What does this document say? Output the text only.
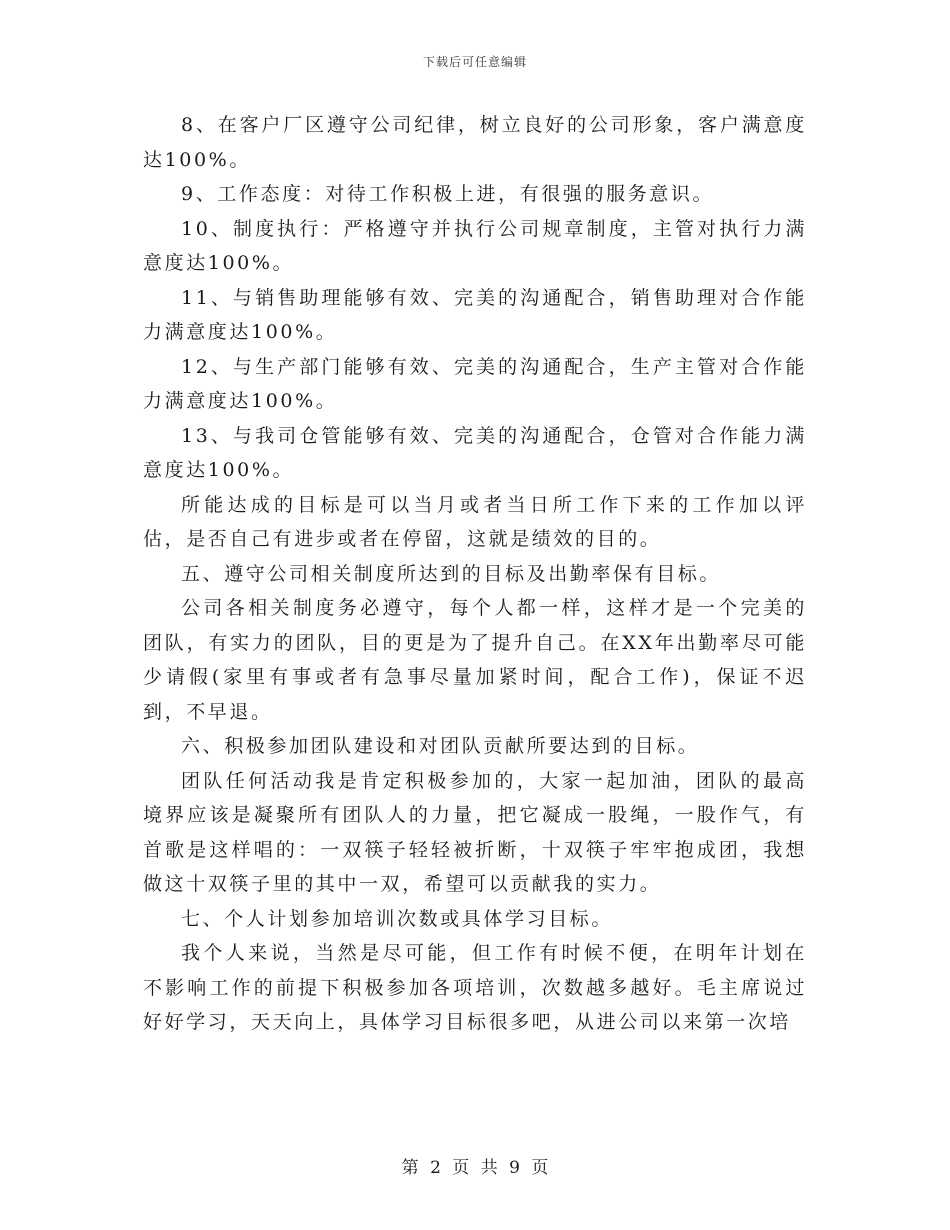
下载后可任意编辑

8、在客户厂区遵守公司纪律，树立良好的公司形象，客户满意度达100%。

9、工作态度：对待工作积极上进，有很强的服务意识。

10、制度执行：严格遵守并执行公司规章制度，主管对执行力满意度达100%。

11、与销售助理能够有效、完美的沟通配合，销售助理对合作能力满意度达100%。

12、与生产部门能够有效、完美的沟通配合，生产主管对合作能力满意度达100%。

13、与我司仓管能够有效、完美的沟通配合，仓管对合作能力满意度达100%。

所能达成的目标是可以当月或者当日所工作下来的工作加以评估，是否自己有进步或者在停留，这就是绩效的目的。

五、遵守公司相关制度所达到的目标及出勤率保有目标。

公司各相关制度务必遵守，每个人都一样，这样才是一个完美的团队，有实力的团队，目的更是为了提升自己。在XX年出勤率尽可能少请假(家里有事或者有急事尽量加紧时间，配合工作)，保证不迟到，不早退。

六、积极参加团队建设和对团队贡献所要达到的目标。

团队任何活动我是肯定积极参加的，大家一起加油，团队的最高境界应该是凝聚所有团队人的力量，把它凝成一股绳，一股作气，有首歌是这样唱的：一双筷子轻轻被折断，十双筷子牢牢抱成团，我想做这十双筷子里的其中一双，希望可以贡献我的实力。

七、个人计划参加培训次数或具体学习目标。

我个人来说，当然是尽可能，但工作有时候不便，在明年计划在不影响工作的前提下积极参加各项培训，次数越多越好。毛主席说过好好学习，天天向上，具体学习目标很多吧，从进公司以来第一次培

第 2 页 共 9 页
